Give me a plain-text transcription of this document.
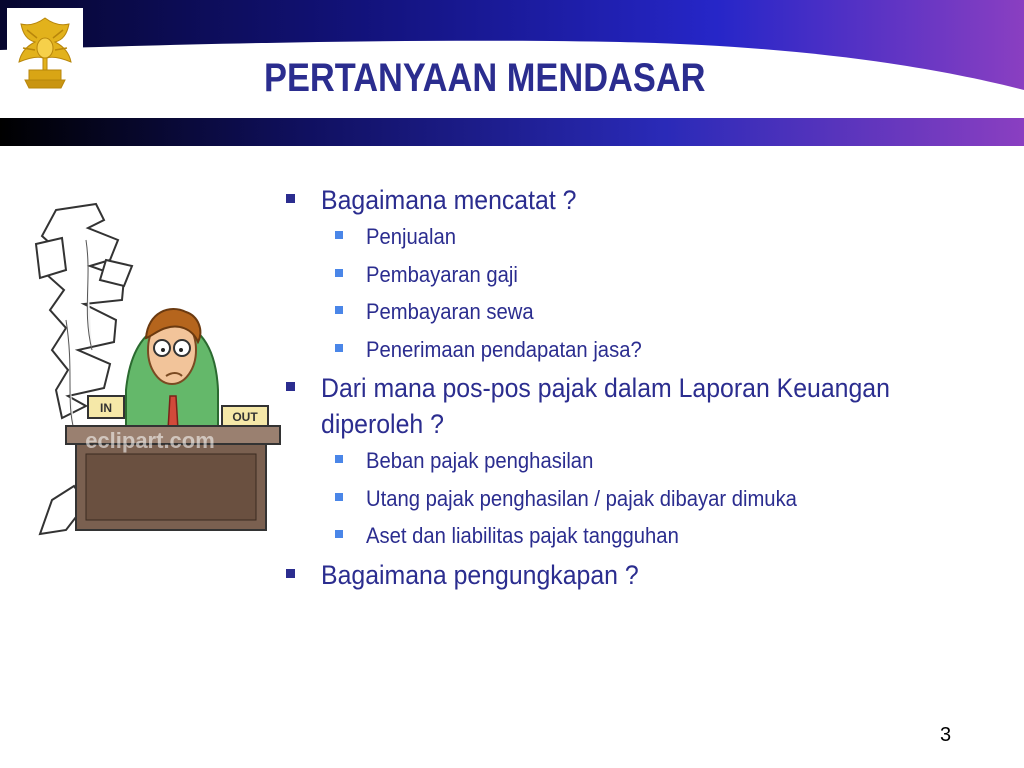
PERTANYAAN MENDASAR
IN
OUT
eclipart.com
Bagaimana mencatat ?
Penjualan
Pembayaran gaji
Pembayaran sewa
Penerimaan pendapatan jasa?
Dari mana pos-pos pajak dalam Laporan Keuangan diperoleh ?
Beban pajak penghasilan
Utang pajak penghasilan / pajak dibayar dimuka
Aset dan liabilitas pajak tangguhan
Bagaimana pengungkapan ?
3
